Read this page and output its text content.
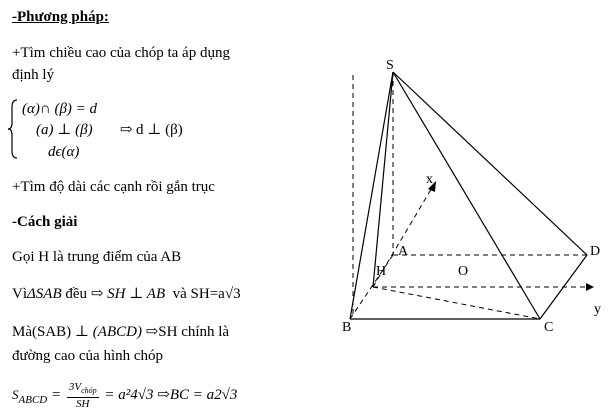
-Phương pháp:
+Tìm chiều cao của chóp ta áp dụng
định lý
(α)∩ (β) = d
(a) ⊥ (β) ⇨ d ⊥ (β)
dϵ(α)
+Tìm độ dài các cạnh rồi gắn trục
-Cách giải
Gọi H là trung điểm của AB
VìΔSAB đều ⇨ SH ⊥ AB và SH=a√3
Mà(SAB) ⊥ (ABCD) ⇨SH chính là
đường cao của hình chóp
$S_{ABCD} = \frac{3V_{chóp}}{SH} = a^24√3$ ⇨BC = a2√3
S
A
B	C
D
H	O
x
y
